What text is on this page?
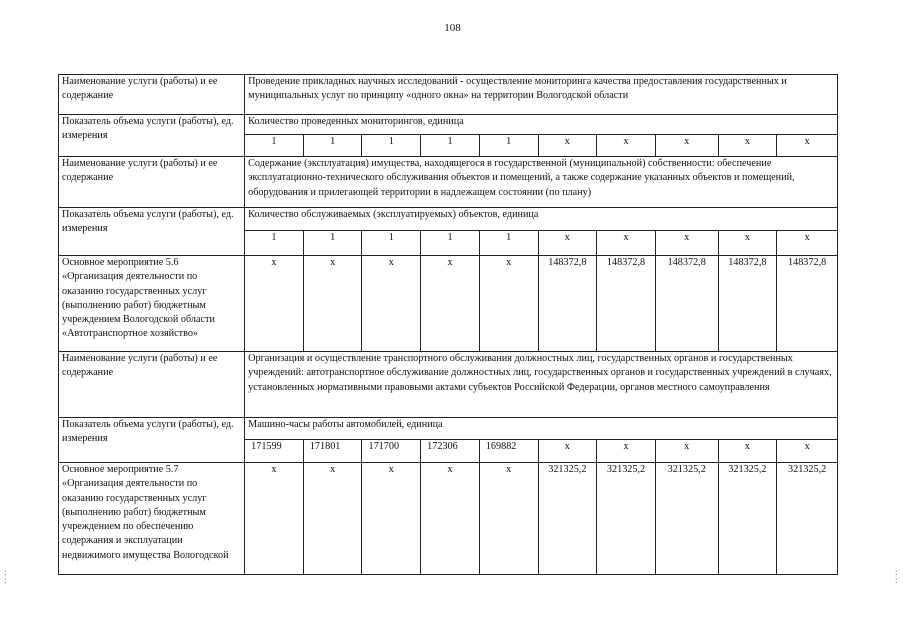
108
Наименование услуги (работы) и ее содержание	Проведение прикладных научных исследований - осуществление мониторинга качества предоставления государственных и муниципальных услуг по принципу «одного окна» на территории Вологодской области									
Показатель объема услуги (работы), ед. измерения	Количество проведенных мониторингов, единица									
	1	1	1	1	1	х	х	х	х	х
Наименование услуги (работы) и ее содержание	Содержание (эксплуатация) имущества, находящегося в государственной (муниципальной) собственности: обеспечение эксплуатационно-технического обслуживания объектов и помещений, а также содержание указанных объектов и помещений, оборудования и прилегающей территории в надлежащем состоянии (по плану)									
Показатель объема услуги (работы), ед. измерения	Количество обслуживаемых (эксплуатируемых) объектов, единица									
	1	1	1	1	1	х	х	х	х	х
Основное мероприятие 5.6 «Организация деятельности по оказанию государственных услуг (выполнению работ) бюджетным учреждением Вологодской области «Автотранспортное хозяйство»	х	х	х	х	х	148372,8	148372,8	148372,8	148372,8	148372,8
Наименование услуги (работы) и ее содержание	Организация и осуществление транспортного обслуживания должностных лиц, государственных органов и государственных учреждений: автотранспортное обслуживание должностных лиц, государственных органов и государственных учреждений в случаях, установленных нормативными правовыми актами субъектов Российской Федерации, органов местного самоуправления									
Показатель объема услуги (работы), ед. измерения	Машино-часы работы автомобилей, единица									
	171599	171801	171700	172306	169882	х	х	х	х	х
Основное мероприятие 5.7 «Организация деятельности по оказанию государственных услуг (выполнению работ) бюджетным учреждением по обеспечению содержания и эксплуатации недвижимого имущества Вологодской	х	х	х	х	х	321325,2	321325,2	321325,2	321325,2	321325,2
:
:
:
:
